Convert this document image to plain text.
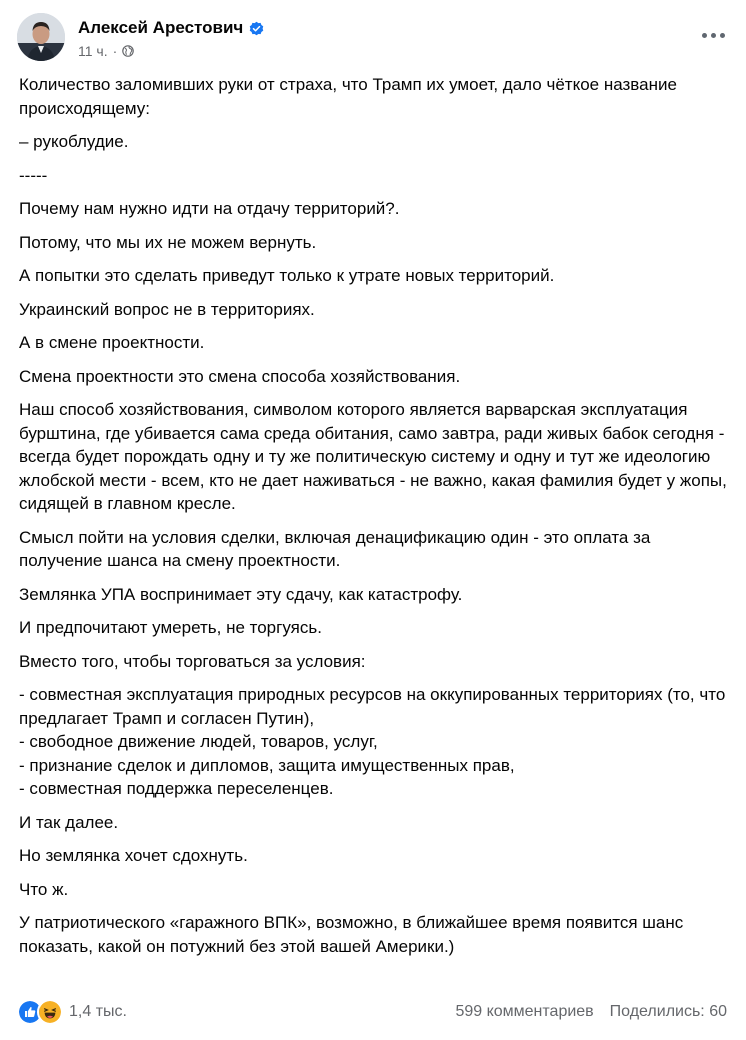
Алексей Арестович
11 ч. ·

Количество заломивших руки от страха, что Трамп их умоет, дало чёткое название происходящему:

– рукоблудие.

-----

Почему нам нужно идти на отдачу территорий?.

Потому, что мы их не можем вернуть.

А попытки это сделать приведут только к утрате новых территорий.

Украинский вопрос не в территориях.

А в смене проектности.

Смена проектности это смена способа хозяйствования.

Наш способ хозяйствования, символом которого является варварская эксплуатация бурштина, где убивается сама среда обитания, само завтра, ради живых бабок сегодня - всегда будет порождать одну и ту же политическую систему и одну и тут же идеологию жлобской мести - всем, кто не дает наживаться - не важно, какая фамилия будет у жопы, сидящей в главном кресле.

Смысл пойти на условия сделки, включая денацификацию один - это оплата за получение шанса на смену проектности.

Землянка УПА воспринимает эту сдачу, как катастрофу.

И предпочитают умереть, не торгуясь.

Вместо того, чтобы торговаться за условия:

- совместная эксплуатация природных ресурсов на оккупированных территориях (то, что предлагает Трамп и согласен Путин),
- свободное движение людей, товаров, услуг,
- признание сделок и дипломов, защита имущественных прав,
- совместная поддержка переселенцев.

И так далее.

Но землянка хочет сдохнуть.

Что ж.

У патриотического «гаражного ВПК», возможно, в ближайшее время появится шанс показать, какой он потужний без этой вашей Америки.)

1,4 тыс.	599 комментариев Поделились: 60
